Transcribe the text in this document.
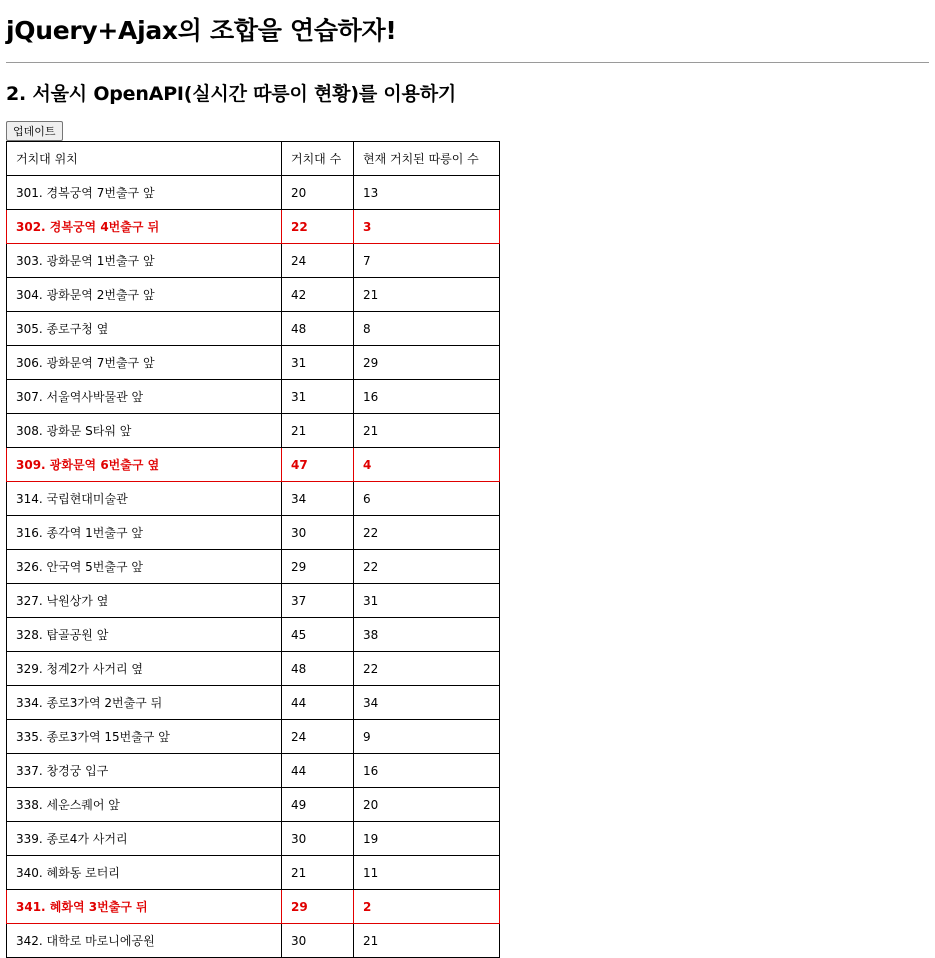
jQuery+Ajax의 조합을 연습하자!
2. 서울시 OpenAPI(실시간 따릉이 현황)를 이용하기
업데이트
거치대 위치	거치대 수	현재 거치된 따릉이 수
301. 경복궁역 7번출구 앞	20	13
302. 경복궁역 4번출구 뒤	22	3
303. 광화문역 1번출구 앞	24	7
304. 광화문역 2번출구 앞	42	21
305. 종로구청 옆	48	8
306. 광화문역 7번출구 앞	31	29
307. 서울역사박물관 앞	31	16
308. 광화문 S타워 앞	21	21
309. 광화문역 6번출구 옆	47	4
314. 국립현대미술관	34	6
316. 종각역 1번출구 앞	30	22
326. 안국역 5번출구 앞	29	22
327. 낙원상가 옆	37	31
328. 탑골공원 앞	45	38
329. 청계2가 사거리 옆	48	22
334. 종로3가역 2번출구 뒤	44	34
335. 종로3가역 15번출구 앞	24	9
337. 창경궁 입구	44	16
338. 세운스퀘어 앞	49	20
339. 종로4가 사거리	30	19
340. 혜화동 로터리	21	11
341. 혜화역 3번출구 뒤	29	2
342. 대학로 마로니에공원	30	21
